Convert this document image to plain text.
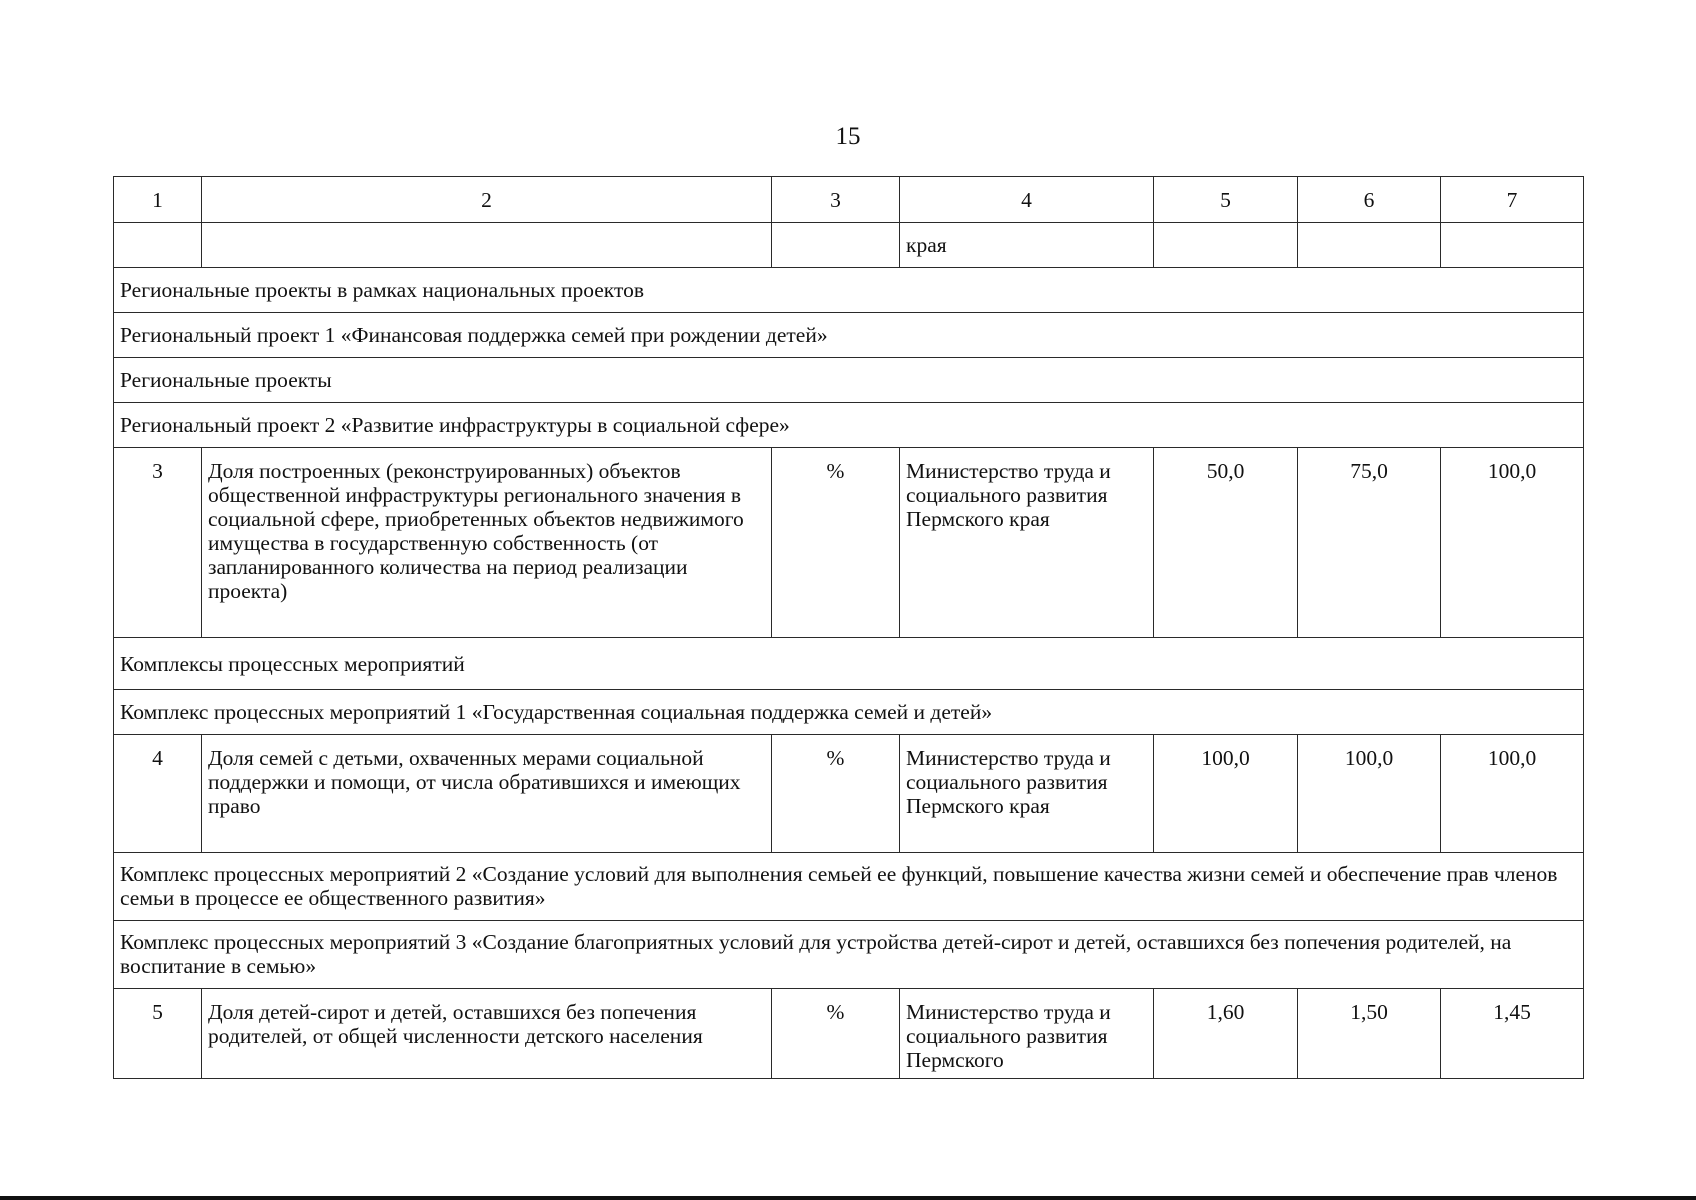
15
1	2	3	4	5	6	7
			края			
Региональные проекты в рамках национальных проектов						
Региональный проект 1 «Финансовая поддержка семей при рождении детей»						
Региональные проекты						
Региональный проект 2 «Развитие инфраструктуры в социальной сфере»						
3	Доля построенных (реконструированных) объектов общественной инфраструктуры регионального значения в социальной сфере, приобретенных объектов недвижимого имущества в государственную собственность (от запланированного количества на период реализации проекта)	%	Министерство труда и социального развития Пермского края	50,0	75,0	100,0
Комплексы процессных мероприятий						
Комплекс процессных мероприятий 1 «Государственная социальная поддержка семей и детей»						
4	Доля семей с детьми, охваченных мерами социальной поддержки и помощи, от числа обратившихся и имеющих право	%	Министерство труда и социального развития Пермского края	100,0	100,0	100,0
Комплекс процессных мероприятий 2 «Создание условий для выполнения семьей ее функций, повышение качества жизни семей и обеспечение прав членов семьи в процессе ее общественного развития»						
Комплекс процессных мероприятий 3 «Создание благоприятных условий для устройства детей-сирот и детей, оставшихся без попечения родителей, на воспитание в семью»						
5	Доля детей-сирот и детей, оставшихся без попечения родителей, от общей численности детского населения	%	Министерство труда и социального развития Пермского	1,60	1,50	1,45
